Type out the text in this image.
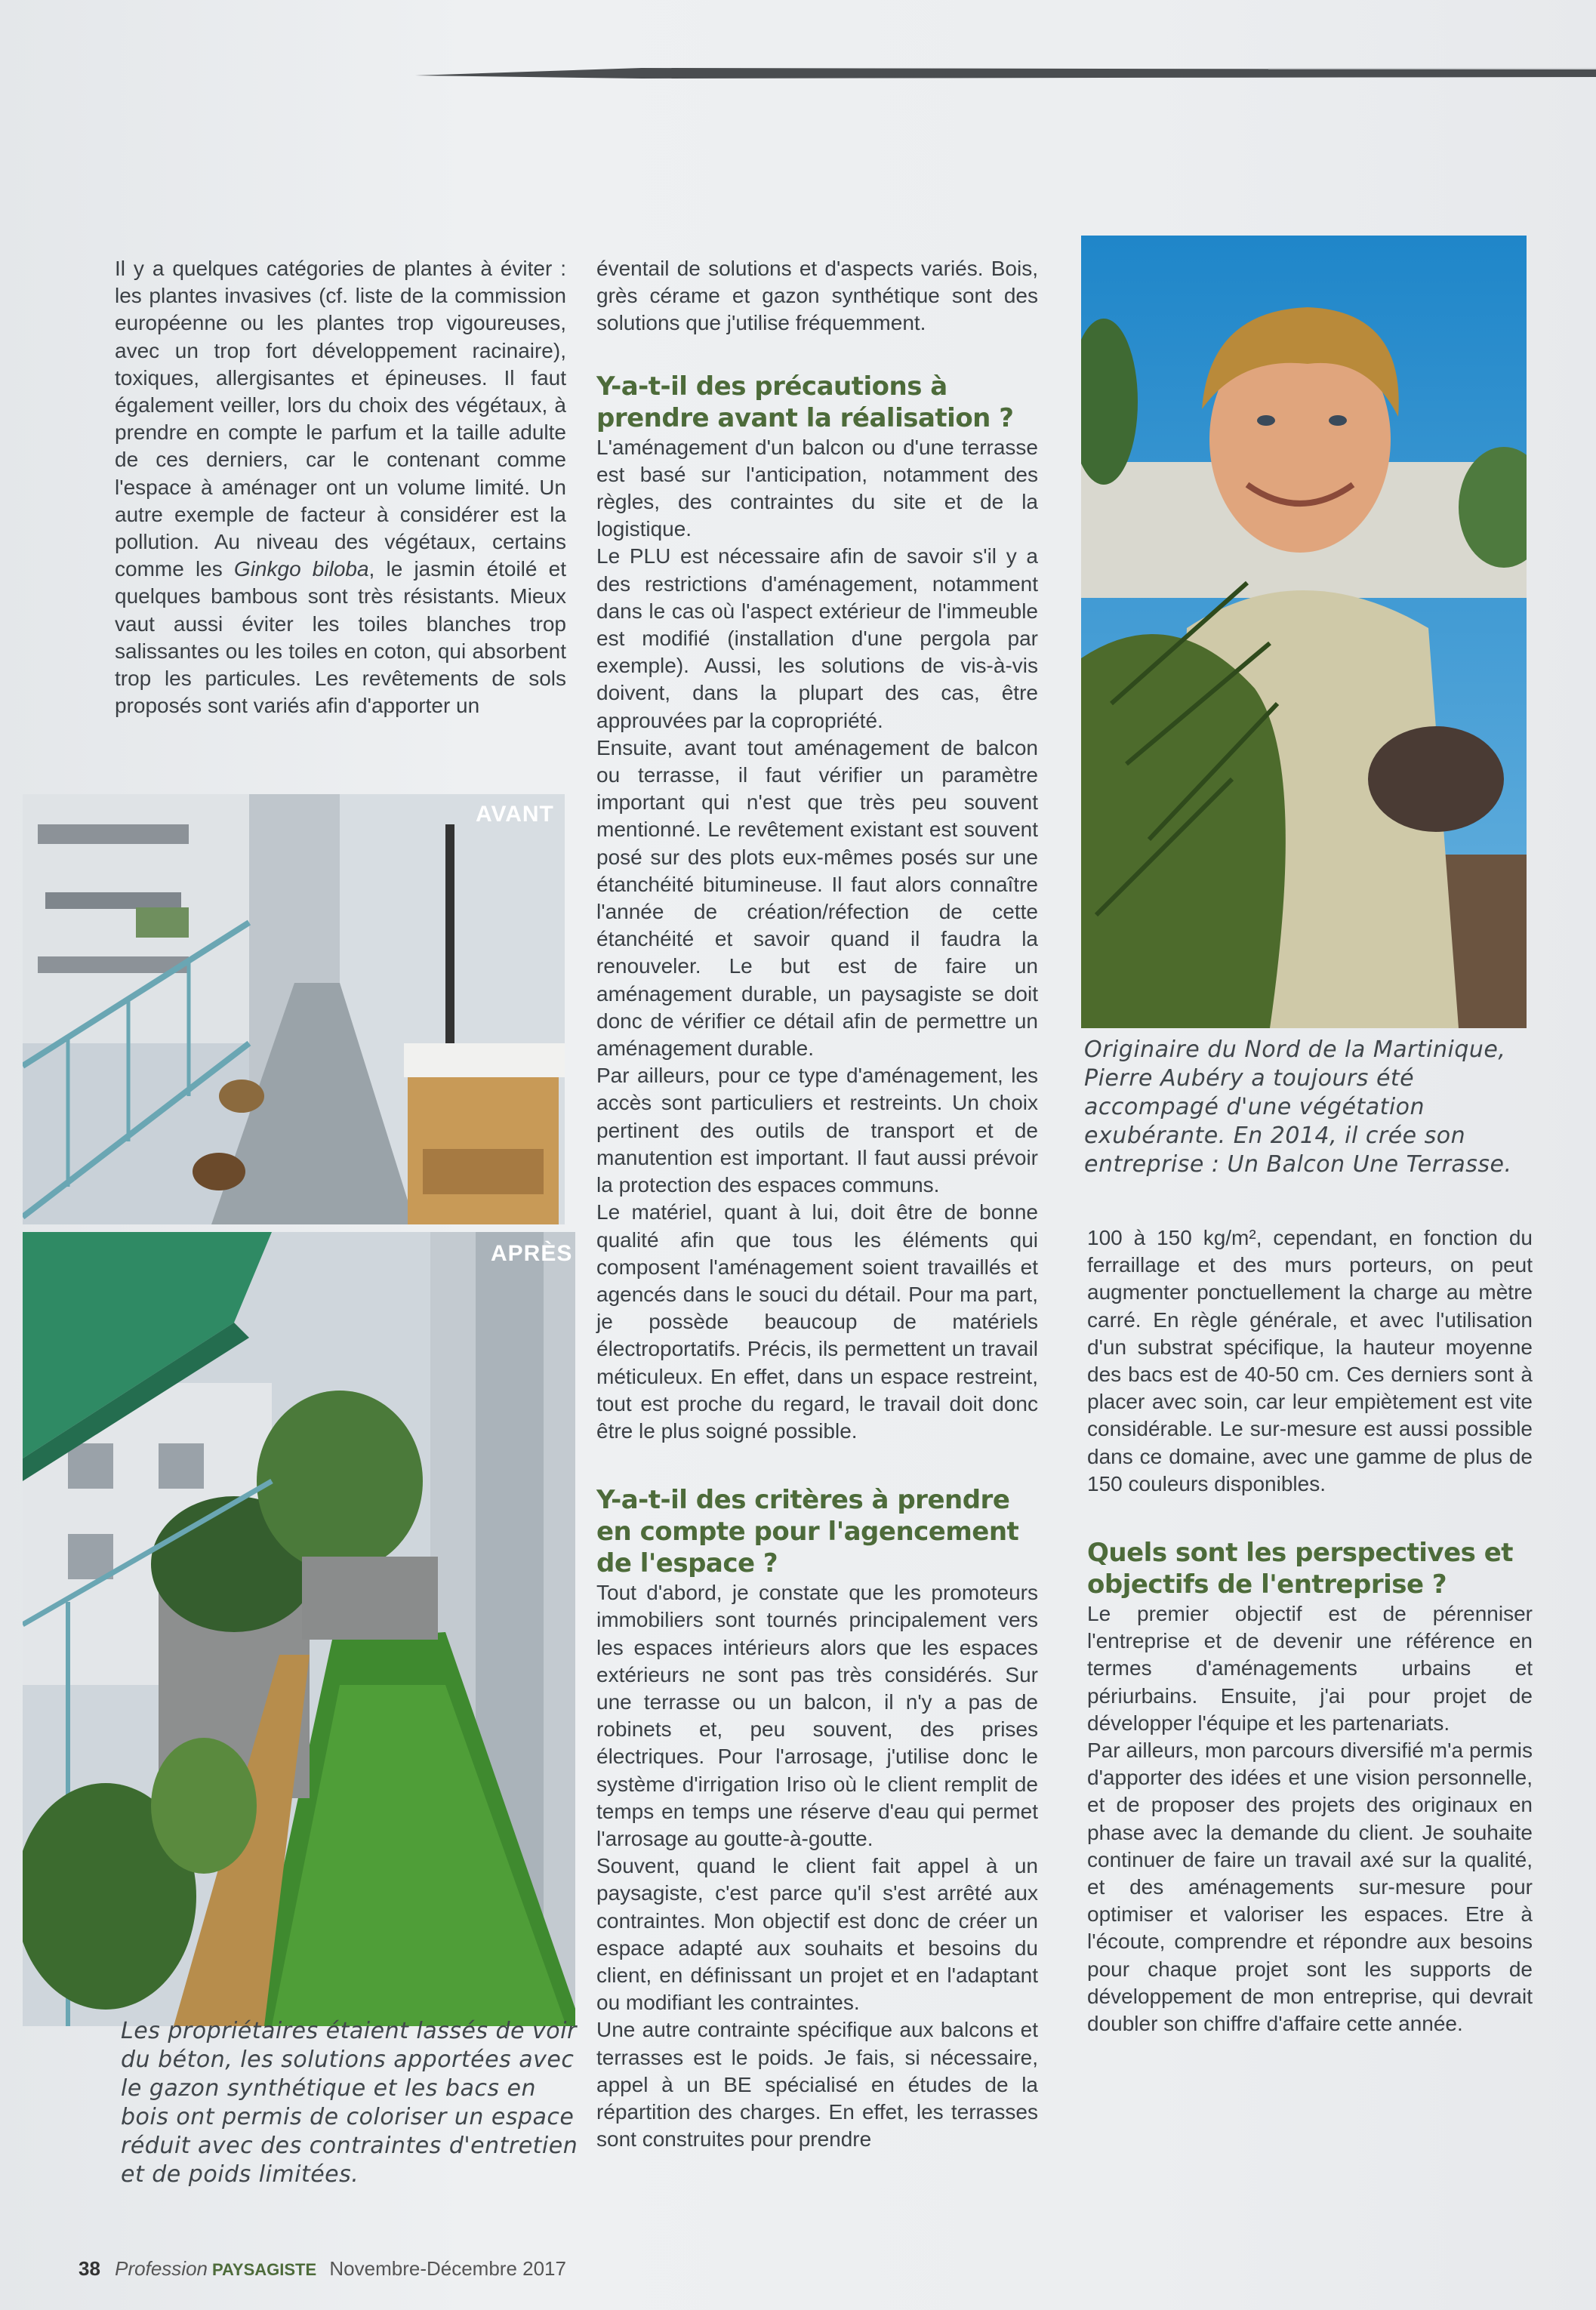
Il y a quelques catégories de plantes à éviter : les plantes invasives (cf. liste de la commission européenne ou les plantes trop vigoureuses, avec un trop fort développement racinaire), toxiques, allergisantes et épineuses. Il faut également veiller, lors du choix des végétaux, à prendre en compte le parfum et la taille adulte de ces derniers, car le contenant comme l'espace à aménager ont un volume limité. Un autre exemple de facteur à considérer est la pollution. Au niveau des végétaux, certains comme les Ginkgo biloba, le jasmin étoilé et quelques bambous sont très résistants. Mieux vaut aussi éviter les toiles blanches trop salissantes ou les toiles en coton, qui absorbent trop les particules. Les revêtements de sols proposés sont variés afin d'apporter un

AVANT
APRÈS
Les propriétaires étaient lassés de voir du béton, les solutions apportées avec le gazon synthétique et les bacs en bois ont permis de coloriser un espace réduit avec des contraintes d'entretien et de poids limitées.

éventail de solutions et d'aspects variés. Bois, grès cérame et gazon synthétique sont des solutions que j'utilise fréquemment.

Y-a-t-il des précautions à prendre avant la réalisation ?

L'aménagement d'un balcon ou d'une terrasse est basé sur l'anticipation, notamment des règles, des contraintes du site et de la logistique.

Le PLU est nécessaire afin de savoir s'il y a des restrictions d'aménagement, notamment dans le cas où l'aspect extérieur de l'immeuble est modifié (installation d'une pergola par exemple). Aussi, les solutions de vis-à-vis doivent, dans la plupart des cas, être approuvées par la copropriété.

Ensuite, avant tout aménagement de balcon ou terrasse, il faut vérifier un paramètre important qui n'est que très peu souvent mentionné. Le revêtement existant est souvent posé sur des plots eux-mêmes posés sur une étanchéité bitumineuse. Il faut alors connaître l'année de création/réfection de cette étanchéité et savoir quand il faudra la renouveler. Le but est de faire un aménagement durable, un paysagiste se doit donc de vérifier ce détail afin de permettre un aménagement durable.

Par ailleurs, pour ce type d'aménagement, les accès sont particuliers et restreints. Un choix pertinent des outils de transport et de manutention est important. Il faut aussi prévoir la protection des espaces communs.

Le matériel, quant à lui, doit être de bonne qualité afin que tous les éléments qui composent l'aménagement soient travaillés et agencés dans le souci du détail. Pour ma part, je possède beaucoup de matériels électroportatifs. Précis, ils permettent un travail méticuleux. En effet, dans un espace restreint, tout est proche du regard, le travail doit donc être le plus soigné possible.

Y-a-t-il des critères à prendre en compte pour l'agencement de l'espace ?

Tout d'abord, je constate que les promoteurs immobiliers sont tournés principalement vers les espaces intérieurs alors que les espaces extérieurs ne sont pas très considérés. Sur une terrasse ou un balcon, il n'y a pas de robinets et, peu souvent, des prises électriques. Pour l'arrosage, j'utilise donc le système d'irrigation Iriso où le client remplit de temps en temps une réserve d'eau qui permet l'arrosage au goutte-à-goutte.

Souvent, quand le client fait appel à un paysagiste, c'est parce qu'il s'est arrêté aux contraintes. Mon objectif est donc de créer un espace adapté aux souhaits et besoins du client, en définissant un projet et en l'adaptant ou modifiant les contraintes.

Une autre contrainte spécifique aux balcons et terrasses est le poids. Je fais, si nécessaire, appel à un BE spécialisé en études de la répartition des charges. En effet, les terrasses sont construites pour prendre

Originaire du Nord de la Martinique, Pierre Aubéry a toujours été accompagé d'une végétation exubérante. En 2014, il crée son entreprise : Un Balcon Une Terrasse.

100 à 150 kg/m², cependant, en fonction du ferraillage et des murs porteurs, on peut augmenter ponctuellement la charge au mètre carré. En règle générale, et avec l'utilisation d'un substrat spécifique, la hauteur moyenne des bacs est de 40-50 cm. Ces derniers sont à placer avec soin, car leur empiètement est vite considérable. Le sur-mesure est aussi possible dans ce domaine, avec une gamme de plus de 150 couleurs disponibles.

Quels sont les perspectives et objectifs de l'entreprise ?

Le premier objectif est de pérenniser l'entreprise et de devenir une référence en termes d'aménagements urbains et périurbains. Ensuite, j'ai pour projet de développer l'équipe et les partenariats.

Par ailleurs, mon parcours diversifié m'a permis d'apporter des idées et une vision personnelle, et de proposer des projets des originaux en phase avec la demande du client. Je souhaite continuer de faire un travail axé sur la qualité, et des aménagements sur-mesure pour optimiser et valoriser les espaces. Etre à l'écoute, comprendre et répondre aux besoins pour chaque projet sont les supports de développement de mon entreprise, qui devrait doubler son chiffre d'affaire cette année.

38 Profession PAYSAGISTE Novembre-Décembre 2017
